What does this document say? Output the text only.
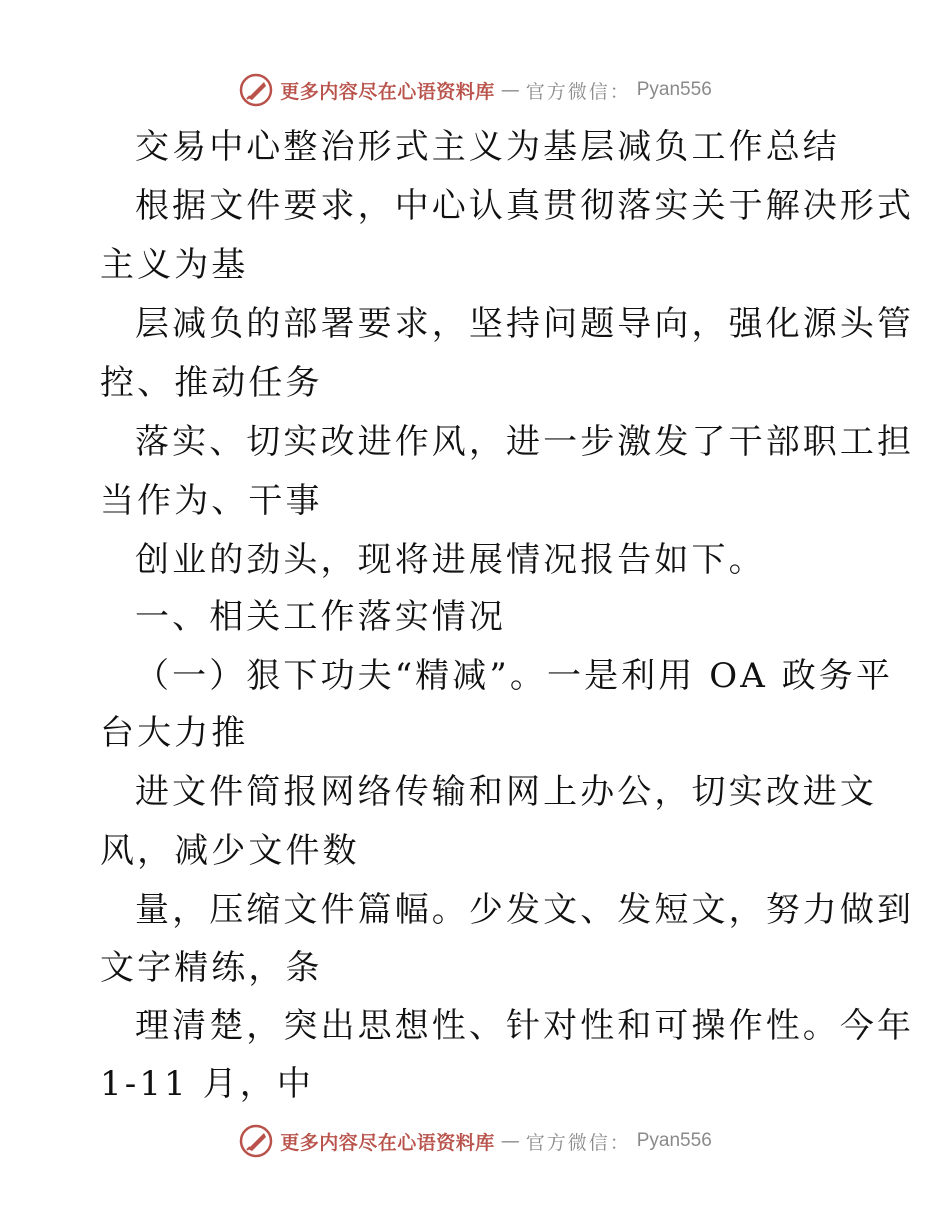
更多内容尽在心语资料库 — 官方微信： Pyan556
交易中心整治形式主义为基层减负工作总结
根据文件要求，中心认真贯彻落实关于解决形式
主义为基
层减负的部署要求，坚持问题导向，强化源头管
控、推动任务
落实、切实改进作风，进一步激发了干部职工担
当作为、干事
创业的劲头，现将进展情况报告如下。
一、相关工作落实情况
（一）狠下功夫“精减”。一是利用 OA 政务平
台大力推
进文件简报网络传输和网上办公，切实改进文
风，减少文件数
量，压缩文件篇幅。少发文、发短文，努力做到
文字精练，条
理清楚，突出思想性、针对性和可操作性。今年
1-11 月，中
更多内容尽在心语资料库 — 官方微信： Pyan556
